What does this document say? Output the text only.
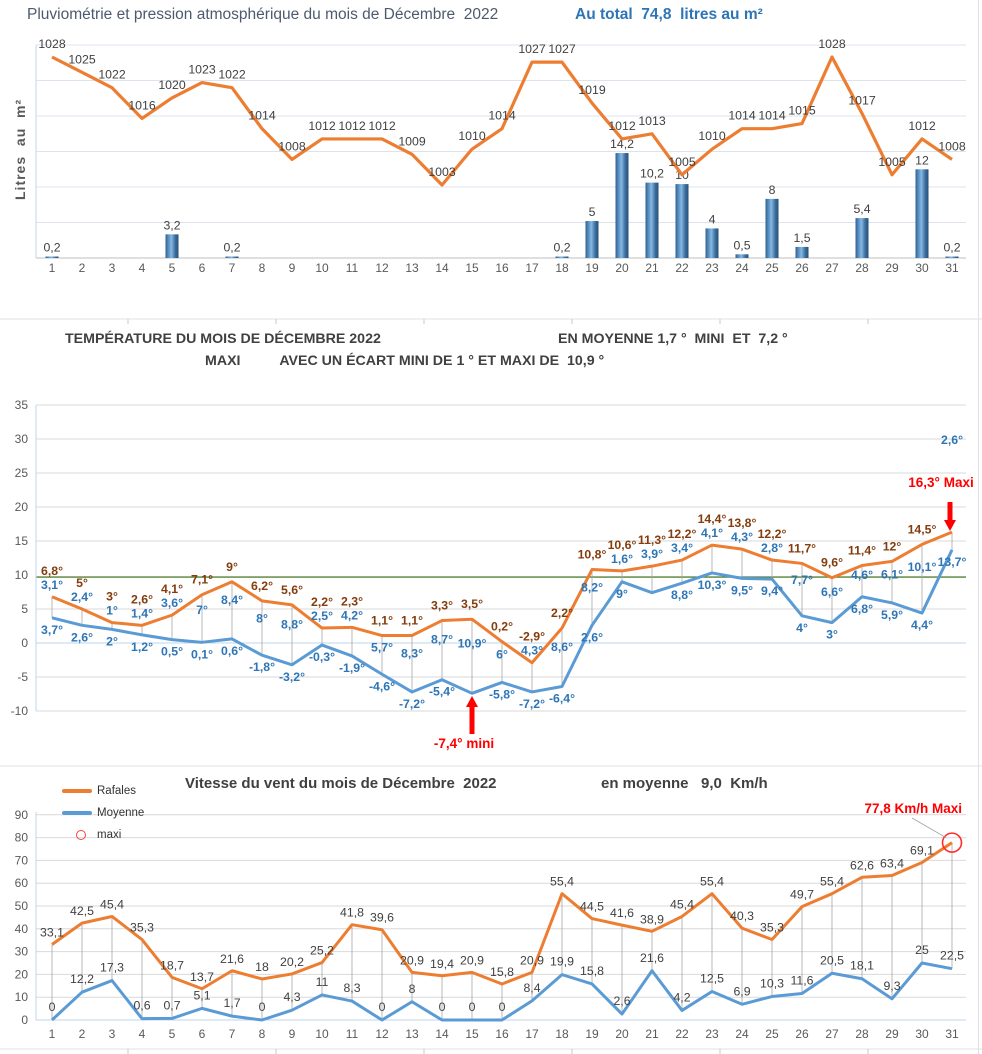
0,2
3,2
0,2	0,2
5
14,2
10,2 10
4
0,5
8
1,5
5,4
12
0,2
1028
1025
1022
1016
1020
1023 1022
1014
1008
1012 1012 1012
1009
1003
1010
1014
1027 1027
1019
1012 1013
1005
1010
1014 1014 1015
1028
1017
1005
1012
1008
1 2 3 4 5 6 7 8 9 10 11 12 13 14 15 16 17 18 19 20 21 22 23 24 25 26 27 28 29 30 31
35
30
25
20
15
10
5
0
-5
-10
6,8°
5°
3° 2,6°
4,1°
7,1°
9°
6,2° 5,6°
2,2° 2,3°
1,1° 1,1°
3,3° 3,5°
0,2°
-2,9°
2,2°
10,8°
10,6° 11,3° 12,2°
14,4° 13,8°
12,2°
11,7°
9,6°
11,4° 12°
14,5°
3,7°
2,6° 2° 1,2° 0,5° 0,1° 0,6°
-1,8°
-3,2°
-0,3°
-1,9°
-4,6°
-7,2°
-5,4°	-5,8°
-7,2° -6,4°
2,6°
9°	8,8°
10,3° 9,5° 9,4°
4° 3°
6,8° 5,9°
4,4°
13,7°
3,1°
2,4°
1° 1,4°
3,6° 7°
8,4°
8° 8,8°
2,5° 4,2°
5,7° 8,3°
8,7° 10,9°
6° 4,3° 8,6°
8,2°
1,6° 3,9° 3,4°
4,1° 4,3°
2,8°
7,7°
6,6°
4,6° 6,1°
10,1°
2,6°
-7,4° mini
16,3° Maxi
0
10
20
30
40
50
60
70
80
90
33,1
42,5 45,4
35,3
18,7
13,7
21,6
18 20,2
25,2
41,8 39,6
20,9 19,4 20,9
15,8
20,9
55,4
44,5 41,6 38,9
45,4
55,4
40,3
35,3
49,7
55,4
62,6 63,4
69,1
0
12,2
17,3
0,6 0,7
5,1
1,7 0
4,3
11 8,3
0
8
0 0 0
8,4
19,9
15,8
2,6
21,6
4,2
12,5
6,9
10,3 11,6
20,5 18,1
9,3
25 22,5
1 2 3 4 5 6 7 8 9 10 11 12 13 14 15 16 17 18 19 20 21 22 23 24 25 26 27 28 29 30 31
77,8 Km/h Maxi
Pluviométrie et pression atmosphérique du mois de Décembre  2022	Au total  74,8  litres au m²
Litres  au  m²
TEMPÉRATURE DU MOIS DE DÉCEMBRE 2022	EN MOYENNE 1,7 °  MINI  ET  7,2 °
MAXI          AVEC UN ÉCART MINI DE 1 ° ET MAXI DE  10,9 °
Vitesse du vent du mois de Décembre  2022	en moyenne   9,0  Km/h
Rafales
Moyenne
maxi
